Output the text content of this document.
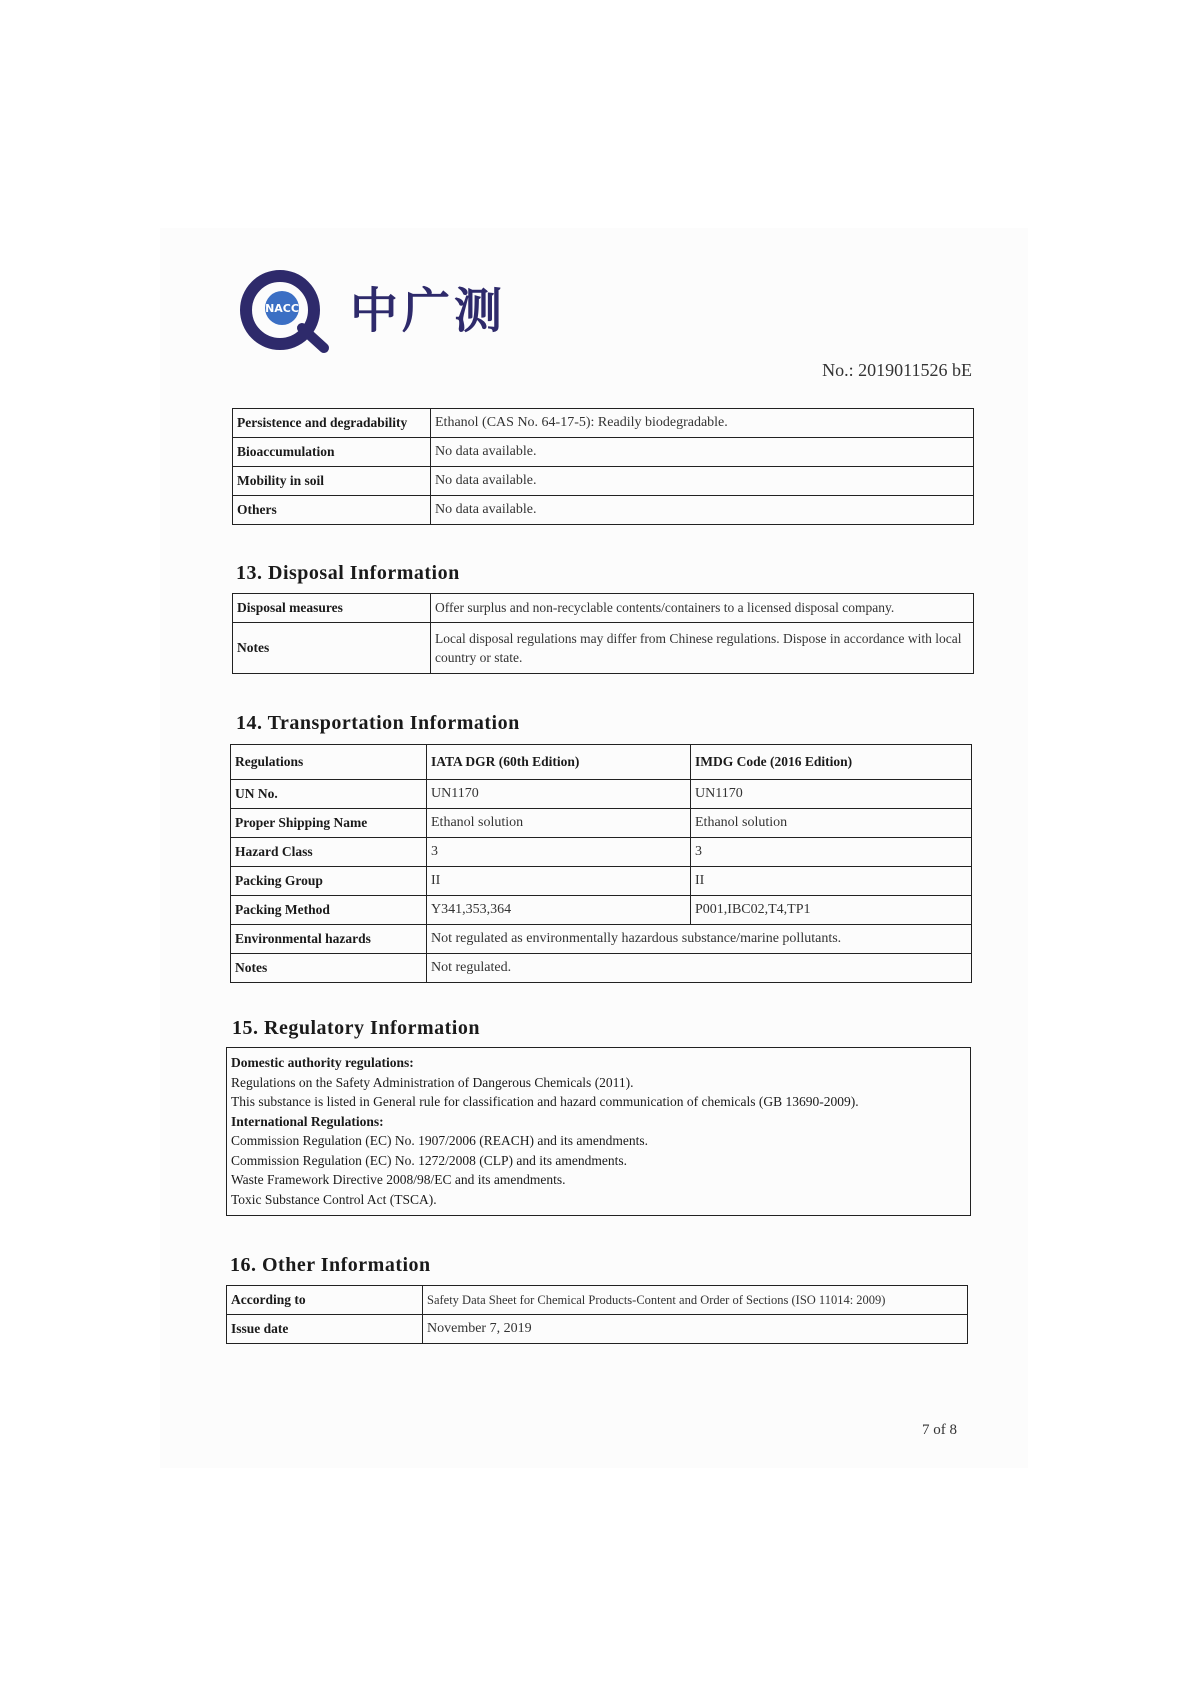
NACC 中广测
No.: 2019011526 bE
Persistence and degradability	Ethanol (CAS No. 64-17-5): Readily biodegradable.
Bioaccumulation	No data available.
Mobility in soil	No data available.
Others	No data available.
13. Disposal Information
Disposal measures	Offer surplus and non-recyclable contents/containers to a licensed disposal company.
Notes	Local disposal regulations may differ from Chinese regulations. Dispose in accordance with local country or state.
14. Transportation Information
Regulations	IATA DGR (60th Edition)	IMDG Code (2016 Edition)
UN No.	UN1170	UN1170
Proper Shipping Name	Ethanol solution	Ethanol solution
Hazard Class	3	3
Packing Group	II	II
Packing Method	Y341,353,364	P001,IBC02,T4,TP1
Environmental hazards	Not regulated as environmentally hazardous substance/marine pollutants.	
Notes	Not regulated.	
15. Regulatory Information
Domestic authority regulations:
Regulations on the Safety Administration of Dangerous Chemicals (2011).
This substance is listed in General rule for classification and hazard communication of chemicals (GB 13690-2009).
International Regulations:
Commission Regulation (EC) No. 1907/2006 (REACH) and its amendments.
Commission Regulation (EC) No. 1272/2008 (CLP) and its amendments.
Waste Framework Directive 2008/98/EC and its amendments.
Toxic Substance Control Act (TSCA).
16. Other Information
According to	Safety Data Sheet for Chemical Products-Content and Order of Sections (ISO 11014: 2009)
Issue date	November 7, 2019
7 of 8
